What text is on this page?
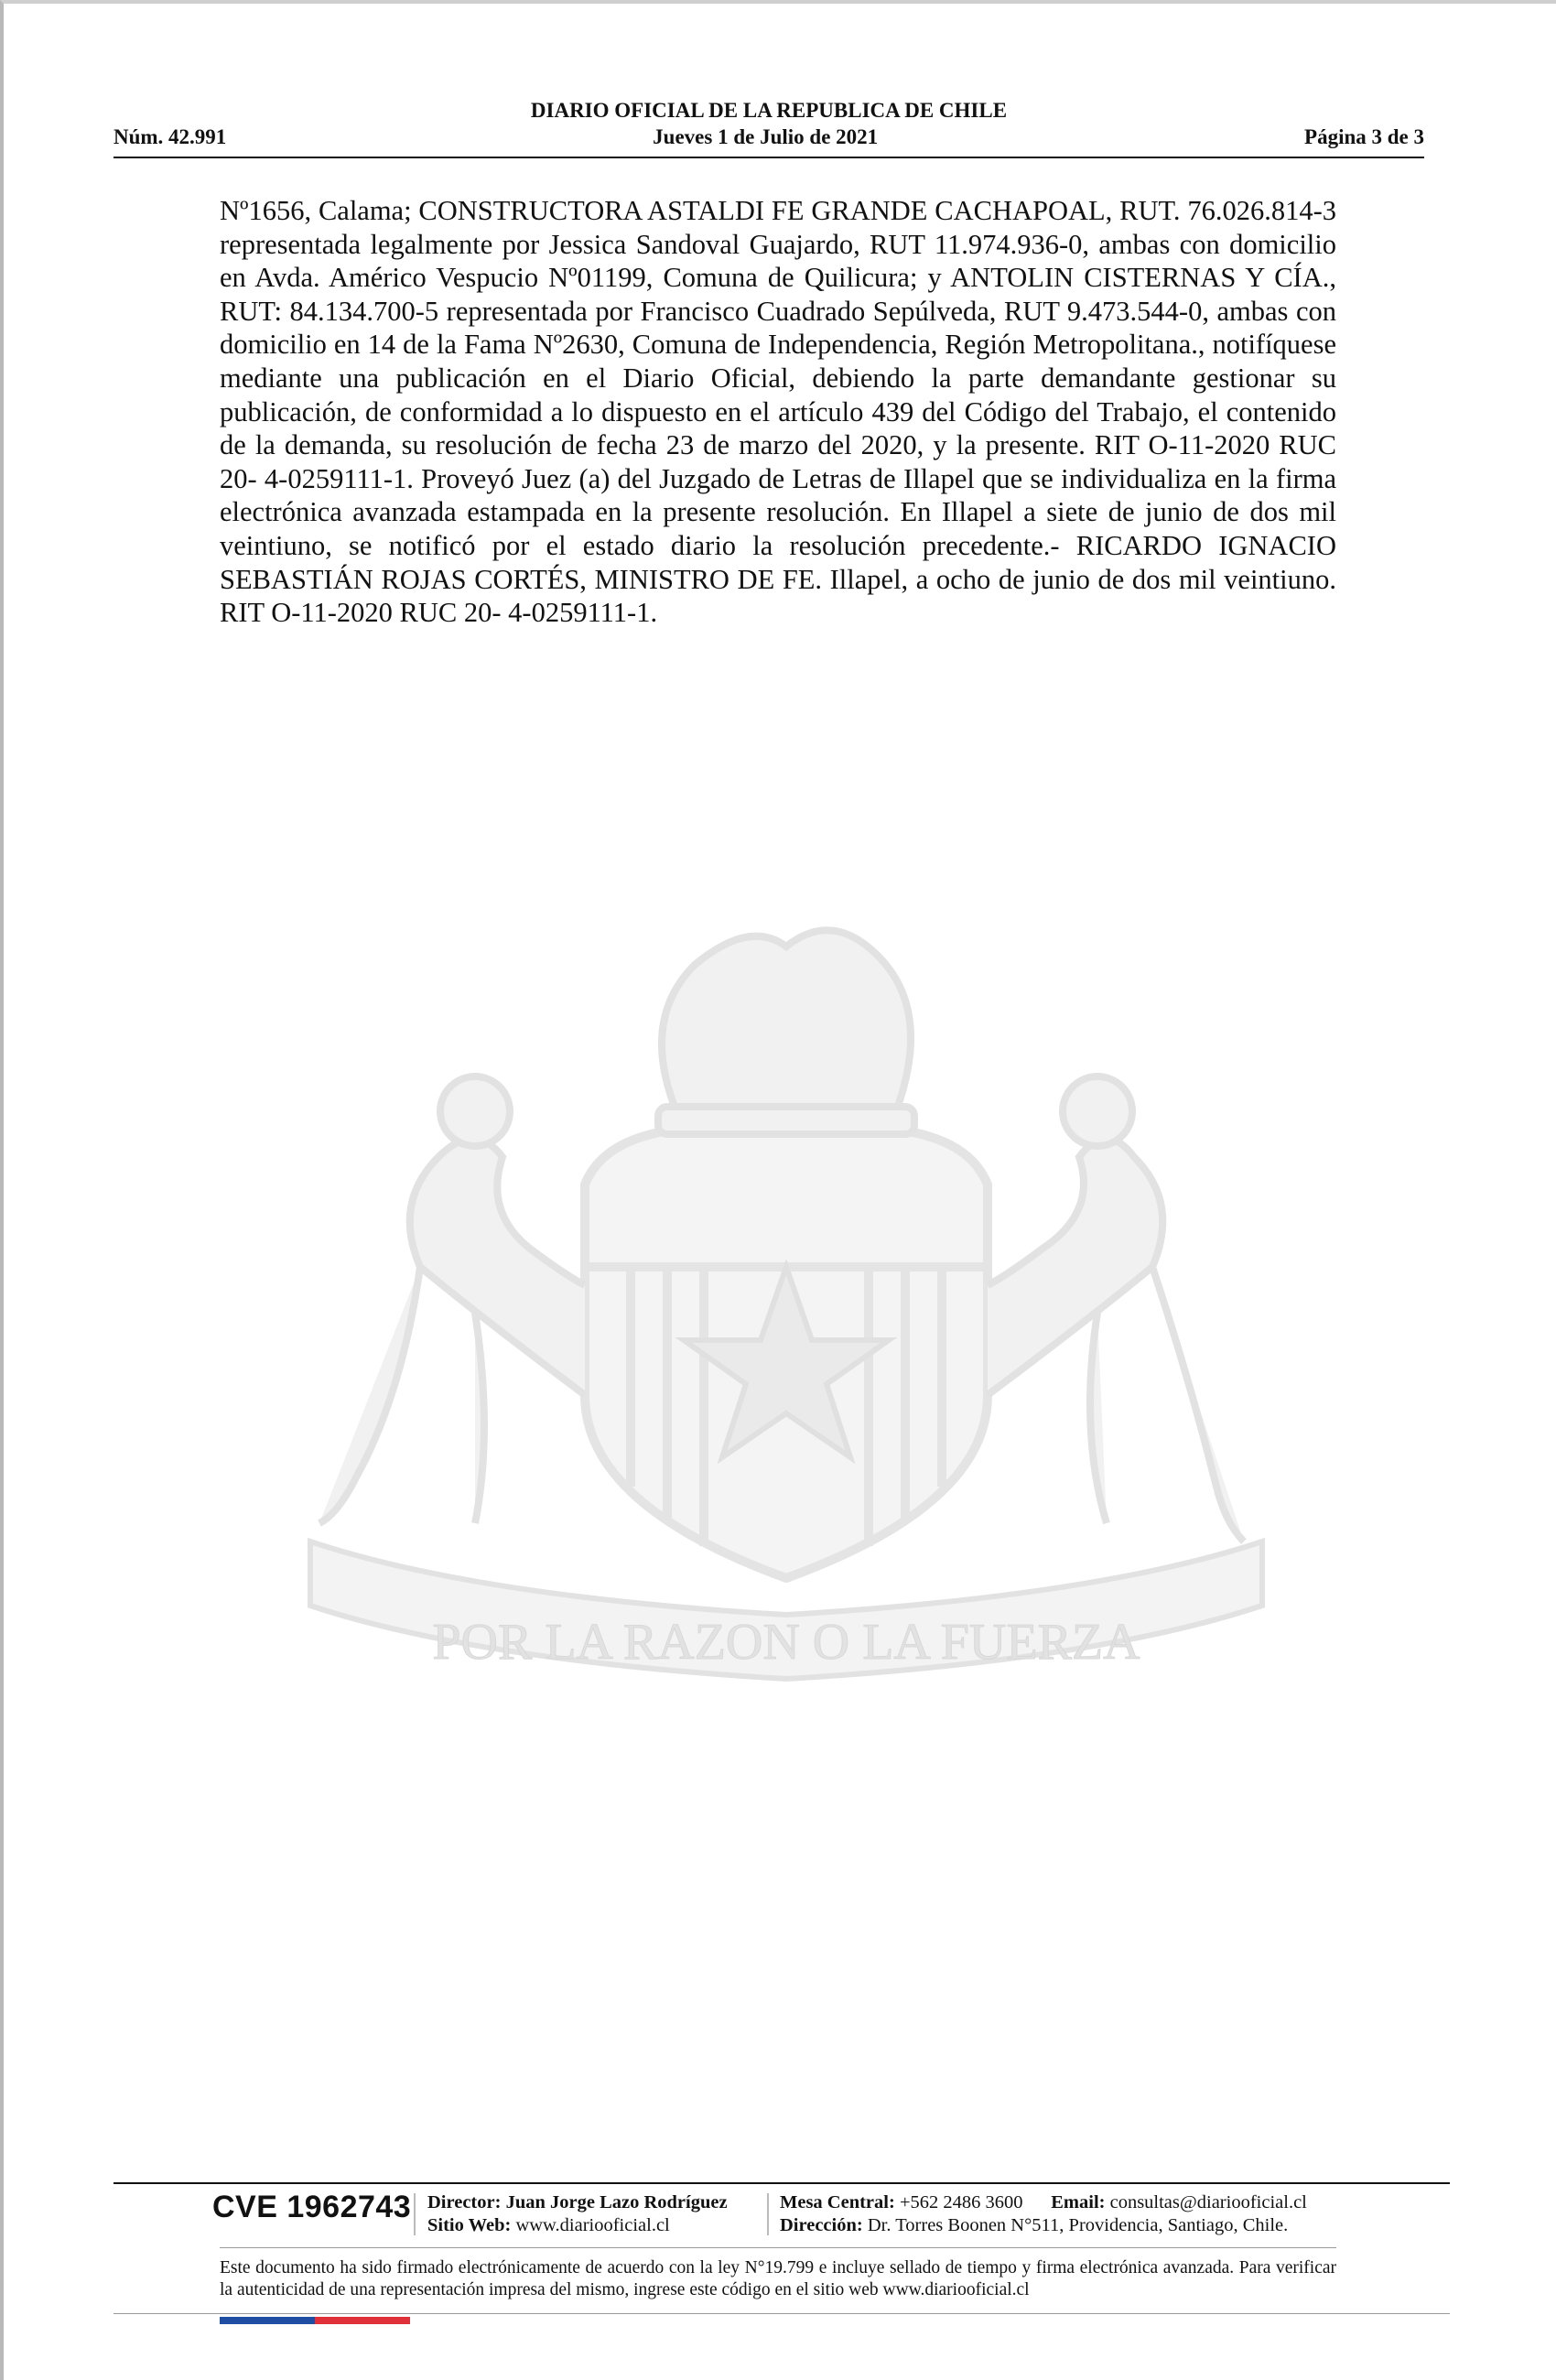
DIARIO OFICIAL DE LA REPUBLICA DE CHILE
Núm. 42.991	Jueves 1 de Julio de 2021	Página 3 de 3
Nº1656, Calama; CONSTRUCTORA ASTALDI FE GRANDE CACHAPOAL, RUT. 76.026.814-3 representada legalmente por Jessica Sandoval Guajardo, RUT 11.974.936-0, ambas con domicilio en Avda. Américo Vespucio Nº01199, Comuna de Quilicura; y ANTOLIN CISTERNAS Y CÍA., RUT: 84.134.700-5 representada por Francisco Cuadrado Sepúlveda, RUT 9.473.544-0, ambas con domicilio en 14 de la Fama Nº2630, Comuna de Independencia, Región Metropolitana., notifíquese mediante una publicación en el Diario Oficial, debiendo la parte demandante gestionar su publicación, de conformidad a lo dispuesto en el artículo 439 del Código del Trabajo, el contenido de la demanda, su resolución de fecha 23 de marzo del 2020, y la presente. RIT O-11-2020 RUC 20- 4-0259111-1. Proveyó Juez (a) del Juzgado de Letras de Illapel que se individualiza en la firma electrónica avanzada estampada en la presente resolución. En Illapel a siete de junio de dos mil veintiuno, se notificó por el estado diario la resolución precedente.- RICARDO IGNACIO SEBASTIÁN ROJAS CORTÉS, MINISTRO DE FE. Illapel, a ocho de junio de dos mil veintiuno. RIT O-11-2020 RUC 20- 4-0259111-1.
POR LA RAZON O LA FUERZA
CVE 1962743 Director: Juan Jorge Lazo Rodríguez
Sitio Web: www.diariooficial.cl
Mesa Central: +562 2486 3600 Email: consultas@diariooficial.cl
Dirección: Dr. Torres Boonen N°511, Providencia, Santiago, Chile.
Este documento ha sido firmado electrónicamente de acuerdo con la ley N°19.799 e incluye sellado de tiempo y firma electrónica avanzada. Para verificar la autenticidad de una representación impresa del mismo, ingrese este código en el sitio web www.diariooficial.cl
